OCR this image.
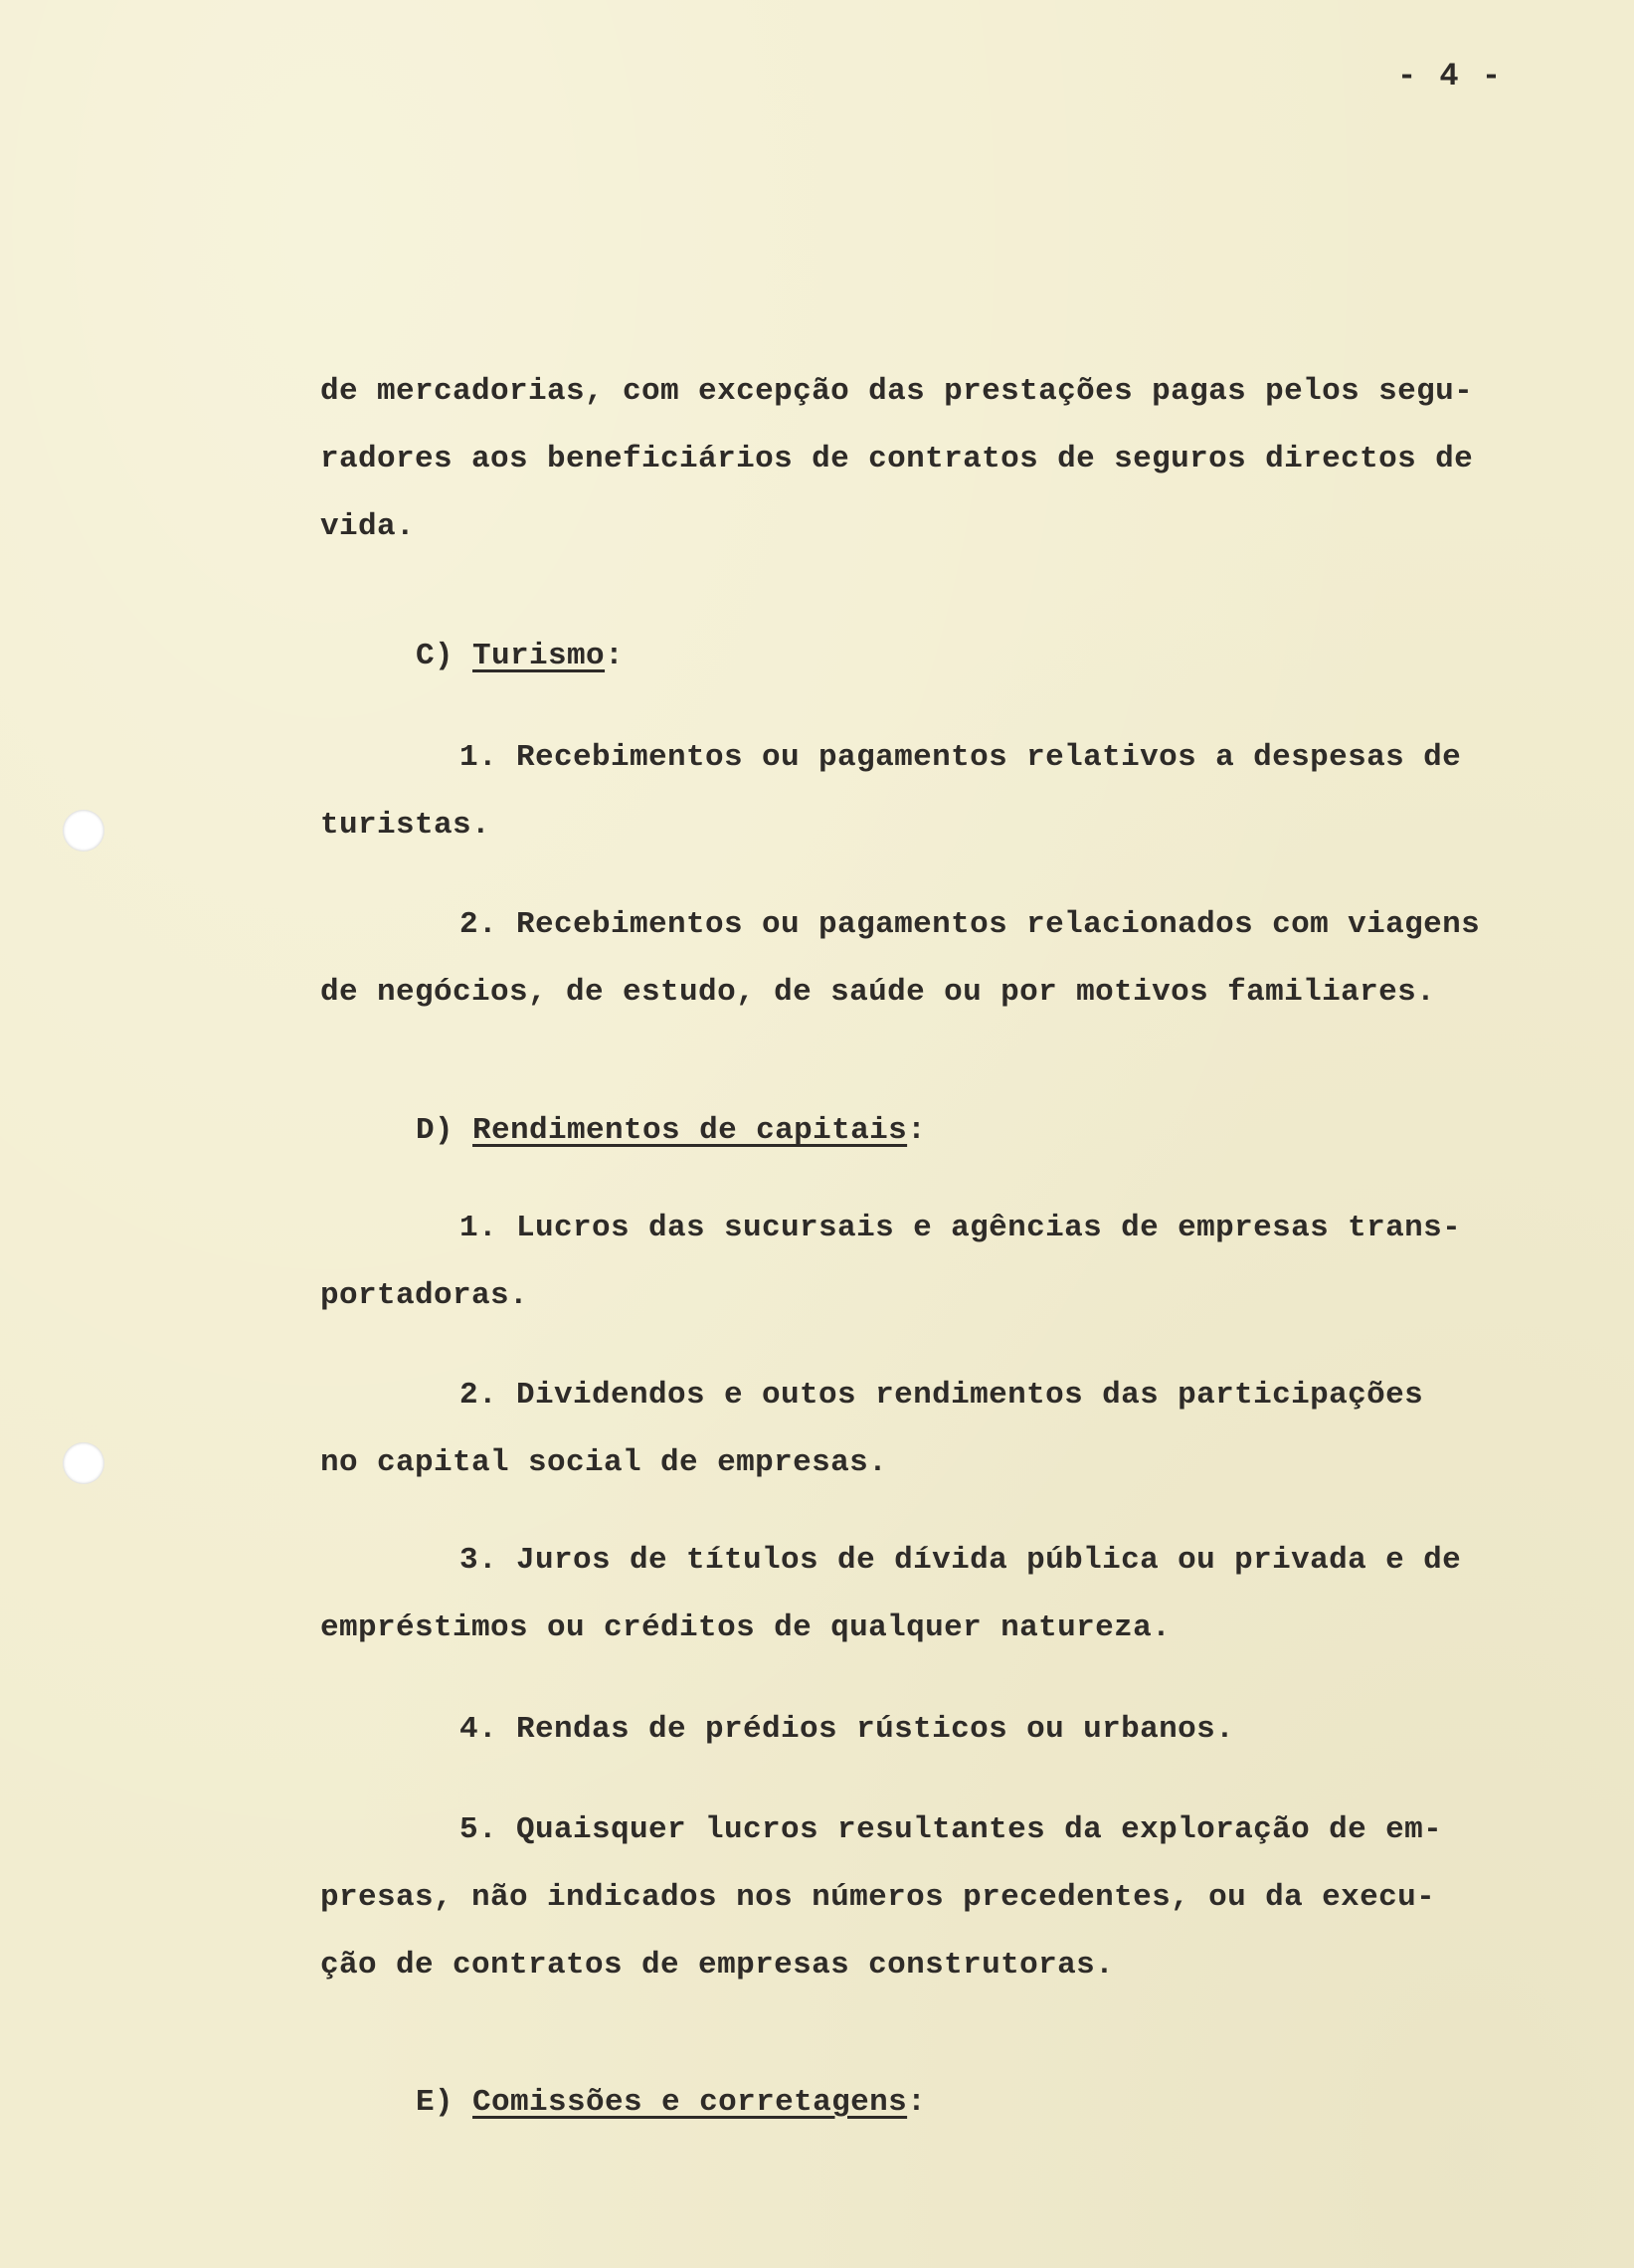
- 4 -

de mercadorias, com excepção das prestações pagas pelos segu-
radores aos beneficiários de contratos de seguros directos de
vida.

C) Turismo:

1. Recebimentos ou pagamentos relativos a despesas de
turistas.

2. Recebimentos ou pagamentos relacionados com viagens
de negócios, de estudo, de saúde ou por motivos familiares.

D) Rendimentos de capitais:

1. Lucros das sucursais e agências de empresas trans-
portadoras.

2. Dividendos e outos rendimentos das participações
no capital social de empresas.

3. Juros de títulos de dívida pública ou privada e de
empréstimos ou créditos de qualquer natureza.

4. Rendas de prédios rústicos ou urbanos.

5. Quaisquer lucros resultantes da exploração de em-
presas, não indicados nos números precedentes, ou da execu-
ção de contratos de empresas construtoras.

E) Comissões e corretagens:
